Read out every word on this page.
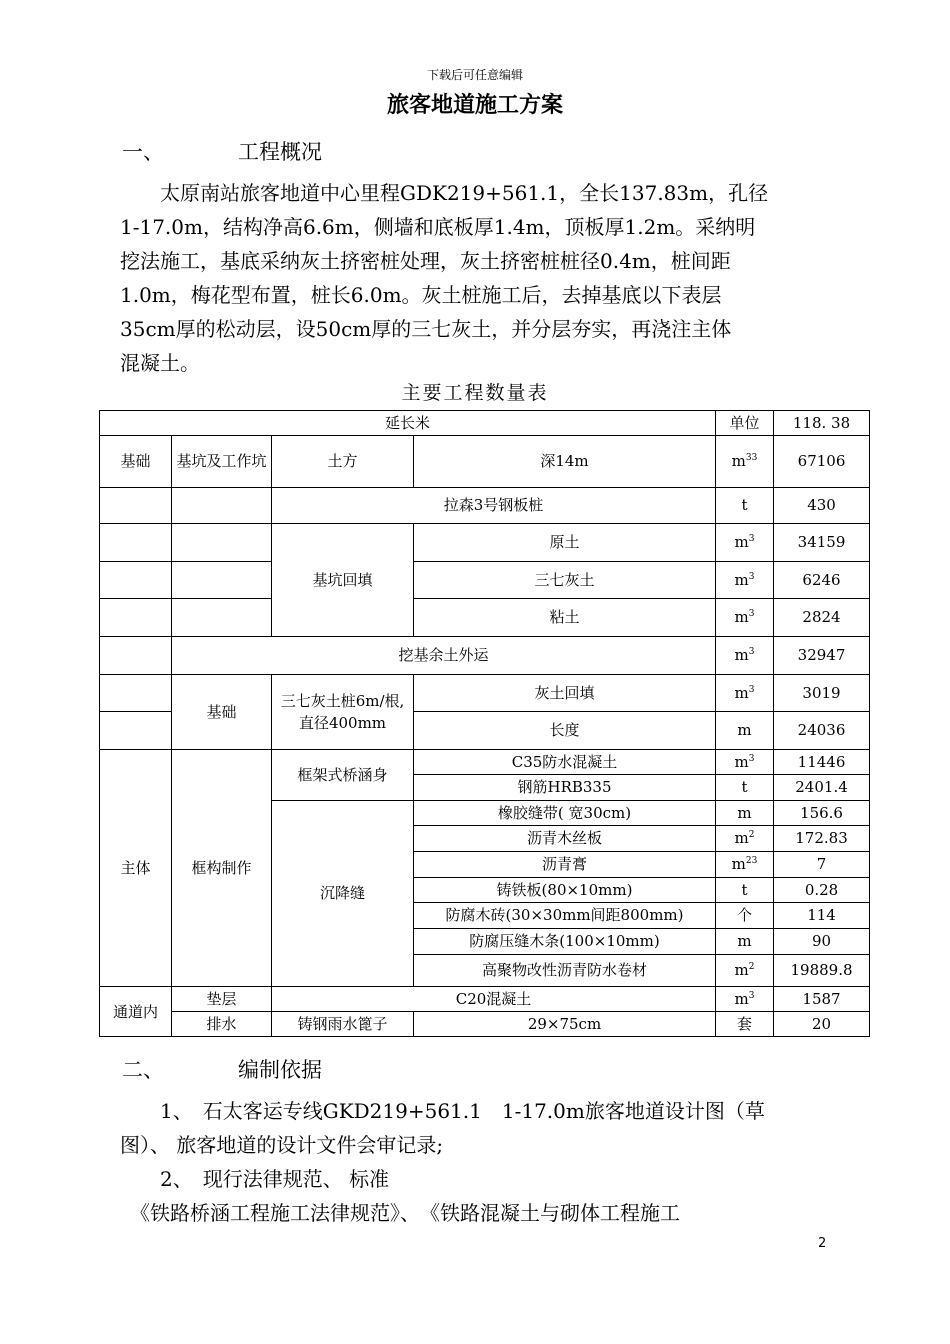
下载后可任意编辑
旅客地道施工方案
一、	工程概况

　　太原南站旅客地道中心里程GDK219+561.1，全长137.83m，孔径

1-17.0m，结构净高6.6m，侧墙和底板厚1.4m，顶板厚1.2m。采纳明

挖法施工，基底采纳灰土挤密桩处理，灰土挤密桩桩径0.4m，桩间距

1.0m，梅花型布置，桩长6.0m。灰土桩施工后，去掉基底以下表层

35cm厚的松动层，设50cm厚的三七灰土，并分层夯实，再浇注主体

混凝土。

主要工程数量表
延长米				单位	118. 38
基础	基坑及工作坑	土方	深14m	$m^{33}$	67106
		拉森3号钢板桩		t	430
		基坑回填	原土	$m^3$	34159
			三七灰土	$m^3$	6246
			粘土	$m^3$	2824
	挖基余土外运			$m^3$	32947
	基础	三七灰土桩6m/根,直径400mm	灰土回填	$m^3$	3019
			长度	m	24036
主体	框构制作	框架式桥涵身	C35防水混凝土	$m^3$	11446
			钢筋HRB335	t	2401.4
		沉降缝	橡胶缝带( 宽30cm)	m	156.6
			沥青木丝板	$m^2$	172.83
			沥青膏	$m^{23}$	7
			铸铁板(80×10mm)	t	0.28
			防腐木砖(30×30mm间距800mm)	个	114
			防腐压缝木条(100×10mm)	m	90
			高聚物改性沥青防水卷材	$m^2$	19889.8
通道内	垫层	C20混凝土		$m^3$	1587
	排水	铸钢雨水篦子	29×75cm	套	20
二、	编制依据

　　1、　石太客运专线GKD219+561.1　1-17.0m旅客地道设计图（草

图）、 旅客地道的设计文件会审记录;

　　2、　现行法律规范、 标准

　《铁路桥涵工程施工法律规范》、　《铁路混凝土与砌体工程施工

2
